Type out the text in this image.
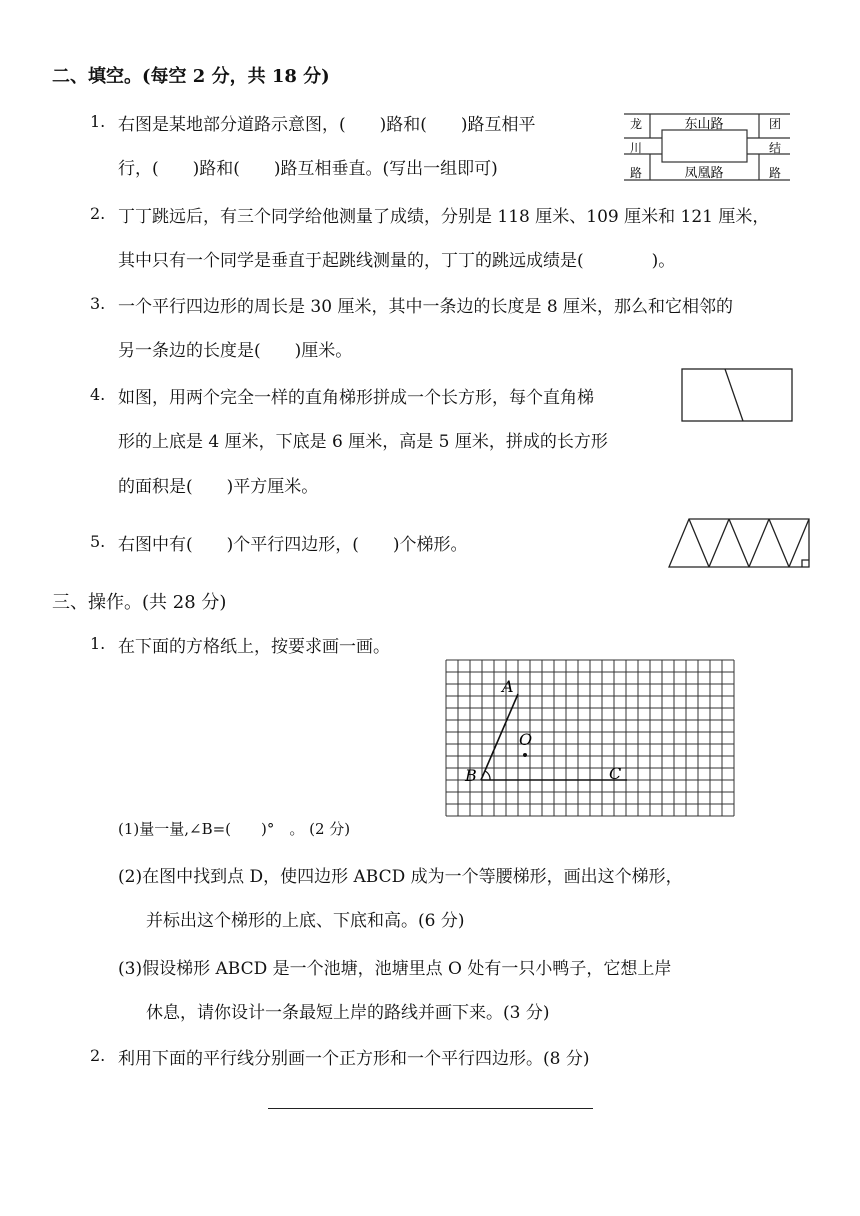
二、填空。(每空 2 分，共 18 分)
1. 右图是某地部分道路示意图，(　　)路和(　　)路互相平
行，(　　)路和(　　)路互相垂直。(写出一组即可)
东山路
凤凰路
龙
川
路
团
结
路
2. 丁丁跳远后，有三个同学给他测量了成绩，分别是 118 厘米、109 厘米和 121 厘米，
其中只有一个同学是垂直于起跳线测量的，丁丁的跳远成绩是(　　　　)。
3. 一个平行四边形的周长是 30 厘米，其中一条边的长度是 8 厘米，那么和它相邻的
另一条边的长度是(　　)厘米。
4. 如图，用两个完全一样的直角梯形拼成一个长方形，每个直角梯
形的上底是 4 厘米，下底是 6 厘米，高是 5 厘米，拼成的长方形
的面积是(　　)平方厘米。
5. 右图中有(　　)个平行四边形，(　　)个梯形。
三、操作。(共 28 分)
1. 在下面的方格纸上，按要求画一画。
A
B	C
O
(1)量一量,∠B=(　　)°　。 (2 分)
(2)在图中找到点 D，使四边形 ABCD 成为一个等腰梯形，画出这个梯形，
并标出这个梯形的上底、下底和高。(6 分)
(3)假设梯形 ABCD 是一个池塘，池塘里点 O 处有一只小鸭子，它想上岸
休息，请你设计一条最短上岸的路线并画下来。(3 分)
2. 利用下面的平行线分别画一个正方形和一个平行四边形。(8 分)
